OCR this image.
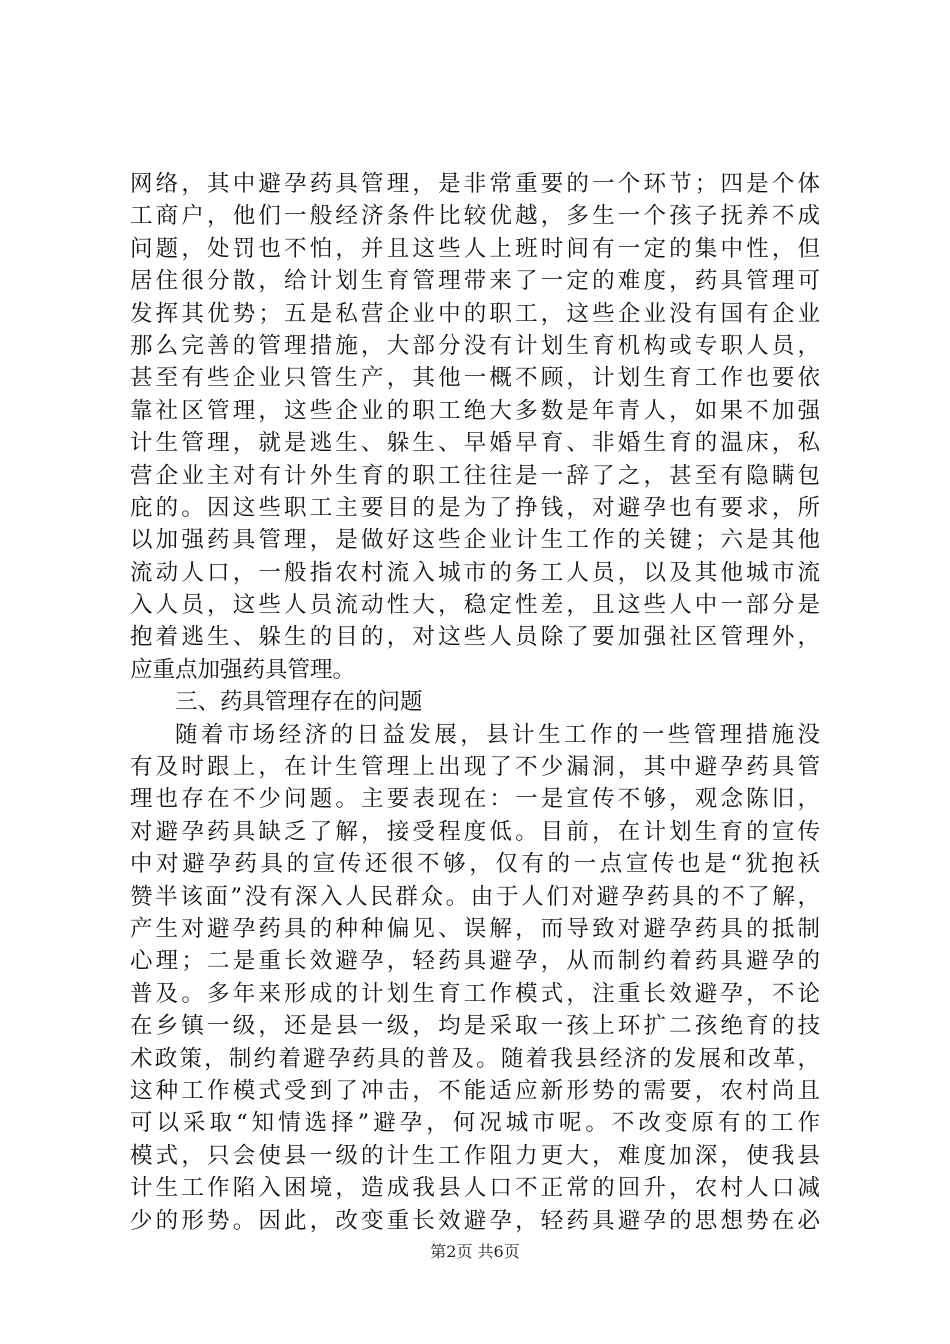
网络，其中避孕药具管理，是非常重要的一个环节；四是个体
工商户，他们一般经济条件比较优越，多生一个孩子抚养不成
问题，处罚也不怕，并且这些人上班时间有一定的集中性，但
居住很分散，给计划生育管理带来了一定的难度，药具管理可
发挥其优势；五是私营企业中的职工，这些企业没有国有企业
那么完善的管理措施，大部分没有计划生育机构或专职人员，
甚至有些企业只管生产，其他一概不顾，计划生育工作也要依
靠社区管理，这些企业的职工绝大多数是年青人，如果不加强
计生管理，就是逃生、躲生、早婚早育、非婚生育的温床，私
营企业主对有计外生育的职工往往是一辞了之，甚至有隐瞒包
庇的。因这些职工主要目的是为了挣钱，对避孕也有要求，所
以加强药具管理，是做好这些企业计生工作的关键；六是其他
流动人口，一般指农村流入城市的务工人员，以及其他城市流
入人员，这些人员流动性大，稳定性差，且这些人中一部分是
抱着逃生、躲生的目的，对这些人员除了要加强社区管理外，
应重点加强药具管理。
三、药具管理存在的问题
随着市场经济的日益发展，县计生工作的一些管理措施没
有及时跟上，在计生管理上出现了不少漏洞，其中避孕药具管
理也存在不少问题。主要表现在：一是宣传不够，观念陈旧，
对避孕药具缺乏了解，接受程度低。目前，在计划生育的宣传
中对避孕药具的宣传还很不够，仅有的一点宣传也是“犹抱袄
赞半该面”没有深入人民群众。由于人们对避孕药具的不了解，
产生对避孕药具的种种偏见、误解，而导致对避孕药具的抵制
心理；二是重长效避孕，轻药具避孕，从而制约着药具避孕的
普及。多年来形成的计划生育工作模式，注重长效避孕，不论
在乡镇一级，还是县一级，均是采取一孩上环扩二孩绝育的技
术政策，制约着避孕药具的普及。随着我县经济的发展和改革，
这种工作模式受到了冲击，不能适应新形势的需要，农村尚且
可以采取“知情选择”避孕，何况城市呢。不改变原有的工作
模式，只会使县一级的计生工作阻力更大，难度加深，使我县
计生工作陷入困境，造成我县人口不正常的回升，农村人口减
少的形势。因此，改变重长效避孕，轻药具避孕的思想势在必
第2页 共6页
